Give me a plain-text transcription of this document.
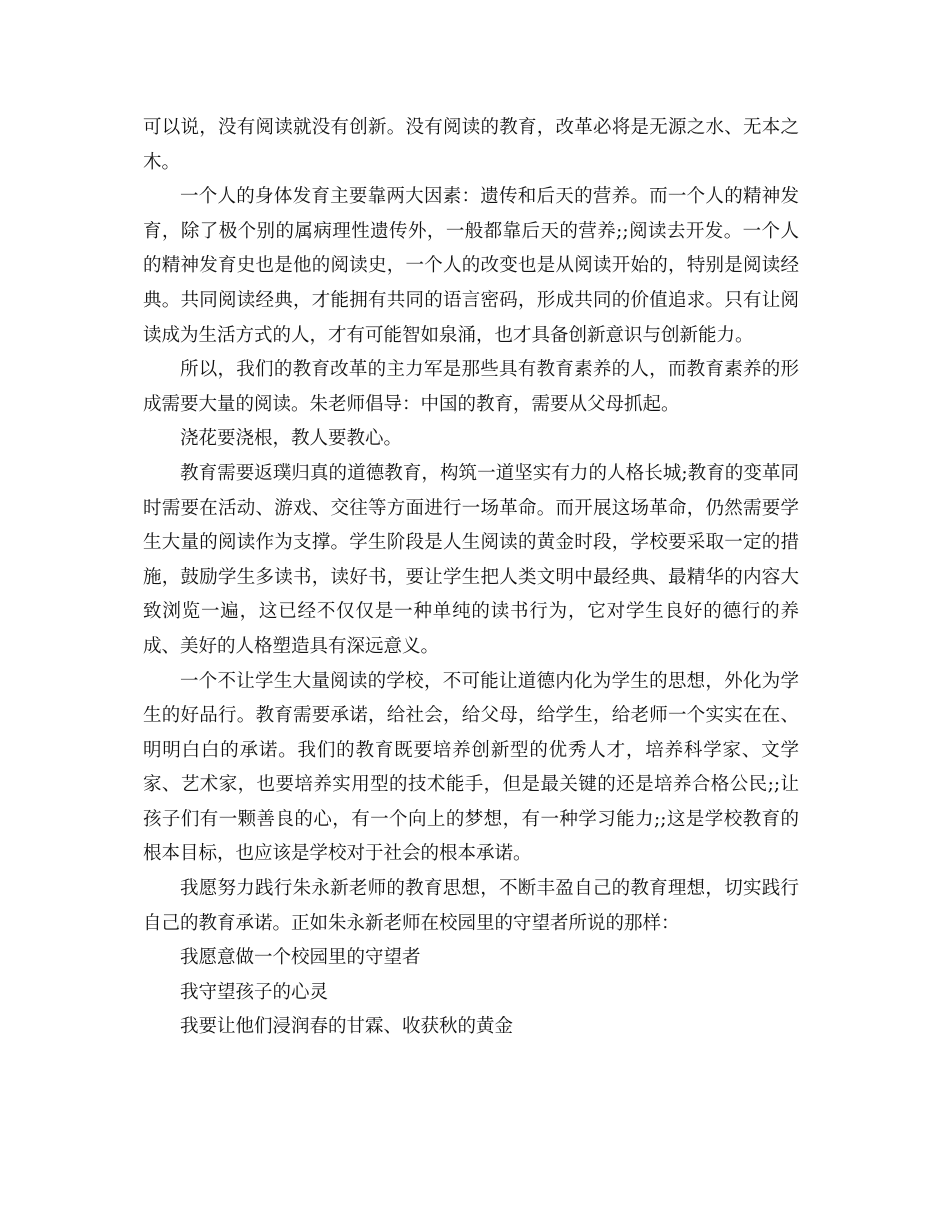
可以说，没有阅读就没有创新。没有阅读的教育，改革必将是无源之水、无本之木。

一个人的身体发育主要靠两大因素：遗传和后天的营养。而一个人的精神发育，除了极个别的属病理性遗传外，一般都靠后天的营养;;阅读去开发。一个人的精神发育史也是他的阅读史，一个人的改变也是从阅读开始的，特别是阅读经典。共同阅读经典，才能拥有共同的语言密码，形成共同的价值追求。只有让阅读成为生活方式的人，才有可能智如泉涌，也才具备创新意识与创新能力。

所以，我们的教育改革的主力军是那些具有教育素养的人，而教育素养的形成需要大量的阅读。朱老师倡导：中国的教育，需要从父母抓起。

浇花要浇根，教人要教心。

教育需要返璞归真的道德教育，构筑一道坚实有力的人格长城;教育的变革同时需要在活动、游戏、交往等方面进行一场革命。而开展这场革命，仍然需要学生大量的阅读作为支撑。学生阶段是人生阅读的黄金时段，学校要采取一定的措施，鼓励学生多读书，读好书，要让学生把人类文明中最经典、最精华的内容大致浏览一遍，这已经不仅仅是一种单纯的读书行为，它对学生良好的德行的养成、美好的人格塑造具有深远意义。

一个不让学生大量阅读的学校，不可能让道德内化为学生的思想，外化为学生的好品行。教育需要承诺，给社会，给父母，给学生，给老师一个实实在在、明明白白的承诺。我们的教育既要培养创新型的优秀人才，培养科学家、文学家、艺术家，也要培养实用型的技术能手，但是最关键的还是培养合格公民;;让孩子们有一颗善良的心，有一个向上的梦想，有一种学习能力;;这是学校教育的根本目标，也应该是学校对于社会的根本承诺。

我愿努力践行朱永新老师的教育思想，不断丰盈自己的教育理想，切实践行自己的教育承诺。正如朱永新老师在校园里的守望者所说的那样：

我愿意做一个校园里的守望者

我守望孩子的心灵

我要让他们浸润春的甘霖、收获秋的黄金
